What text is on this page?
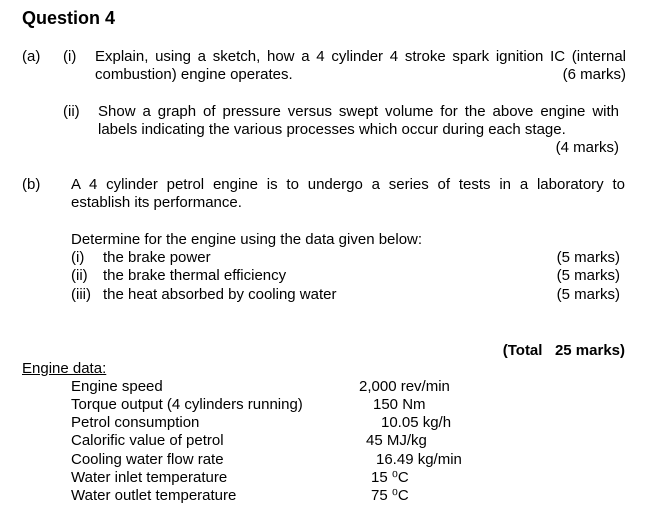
Question 4
(a) (i) Explain, using a sketch, how a 4 cylinder 4 stroke spark ignition IC (internal
combustion) engine operates.	(6 marks)
(ii) Show a graph of pressure versus swept volume for the above engine with
labels indicating the various processes which occur during each stage.
(4 marks)
(b) A 4 cylinder petrol engine is to undergo a series of tests in a laboratory to
establish its performance.
Determine for the engine using the data given below:
(i) the brake power	(5 marks)
(ii) the brake thermal efficiency	(5 marks)
(iii) the heat absorbed by cooling water	(5 marks)
(Total   25 marks)
Engine data:
Engine speed	2,000 rev/min
Torque output (4 cylinders running)	150 Nm
Petrol consumption	10.05 kg/h
Calorific value of petrol	45 MJ/kg
Cooling water flow rate	16.49 kg/min
Water inlet temperature	15 ⁰C
Water outlet temperature	75 ⁰C
